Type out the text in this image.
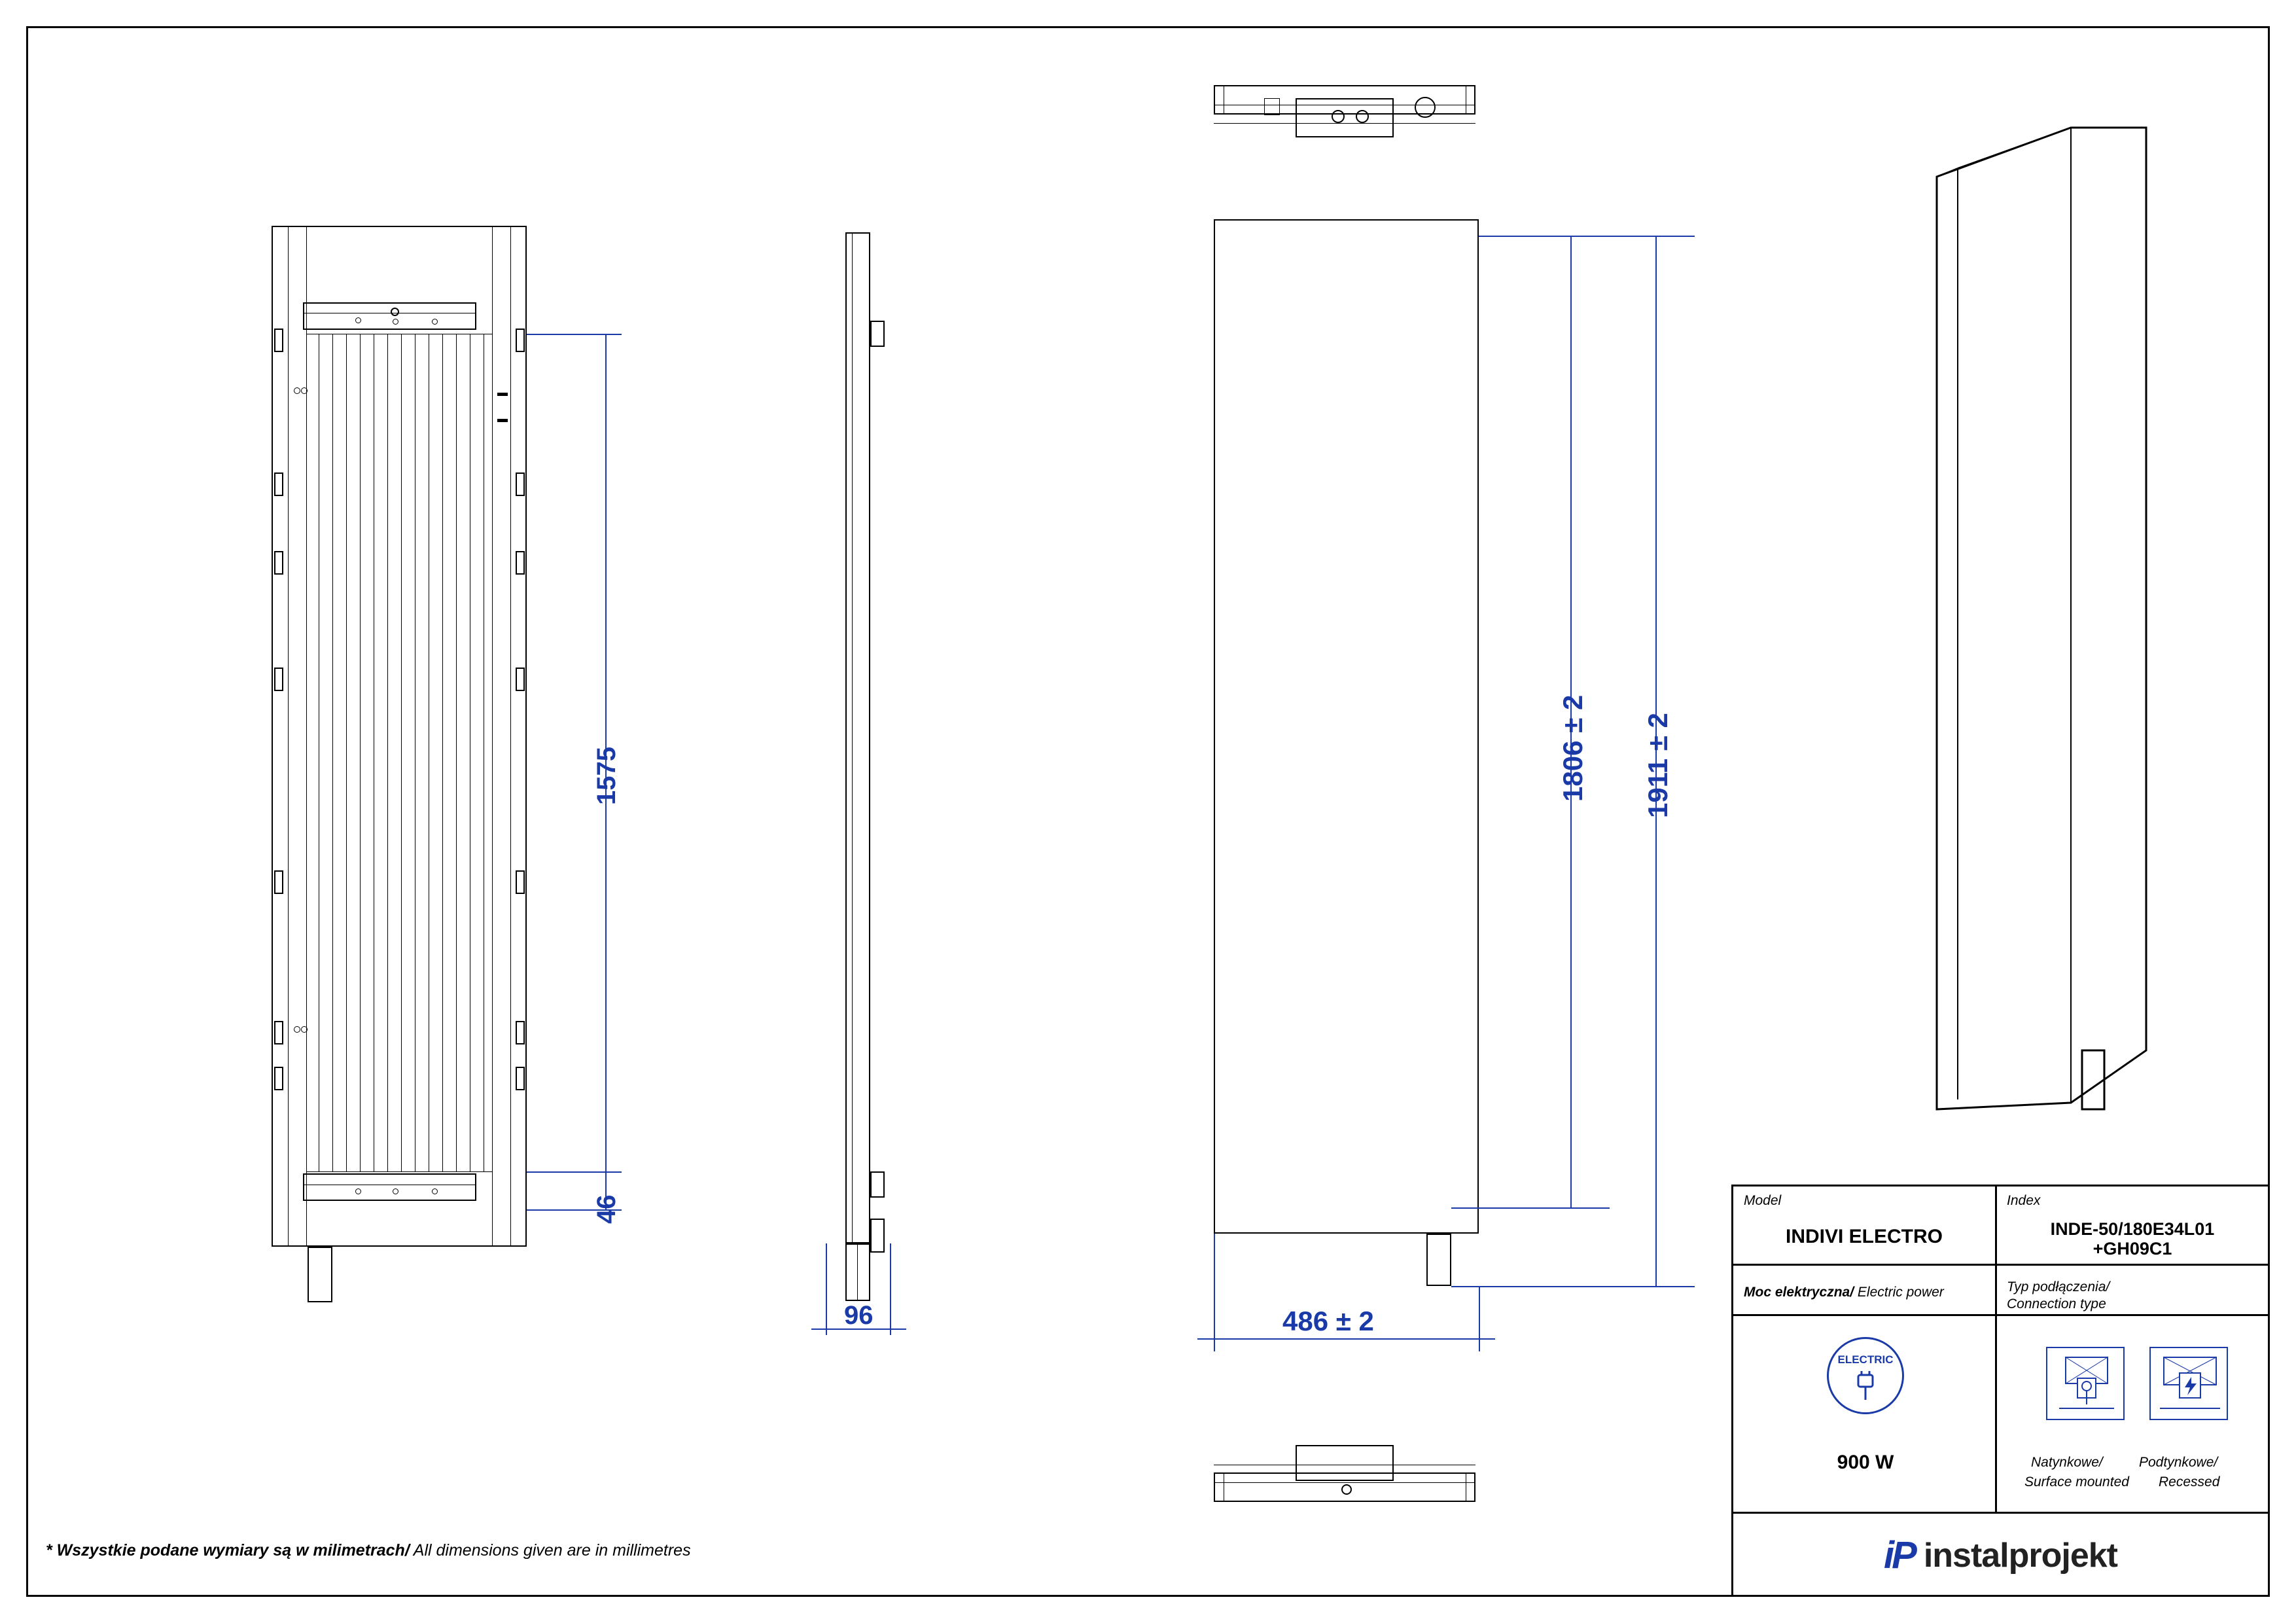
1575
46
96
1806 ± 2 1911 ± 2
486 ± 2
* Wszystkie podane wymiary są w milimetrach/ All dimensions given are in millimetres
Model
INDIVI ELECTRO
Index
INDE-50/180E34L01
+GH09C1
Moc elektryczna/ Electric power	Typ podłączenia/
Connection type
ELECTRIC
900 W	Natynkowe/
Surface mounted
Podtynkowe/
Recessed
iP instalprojekt
